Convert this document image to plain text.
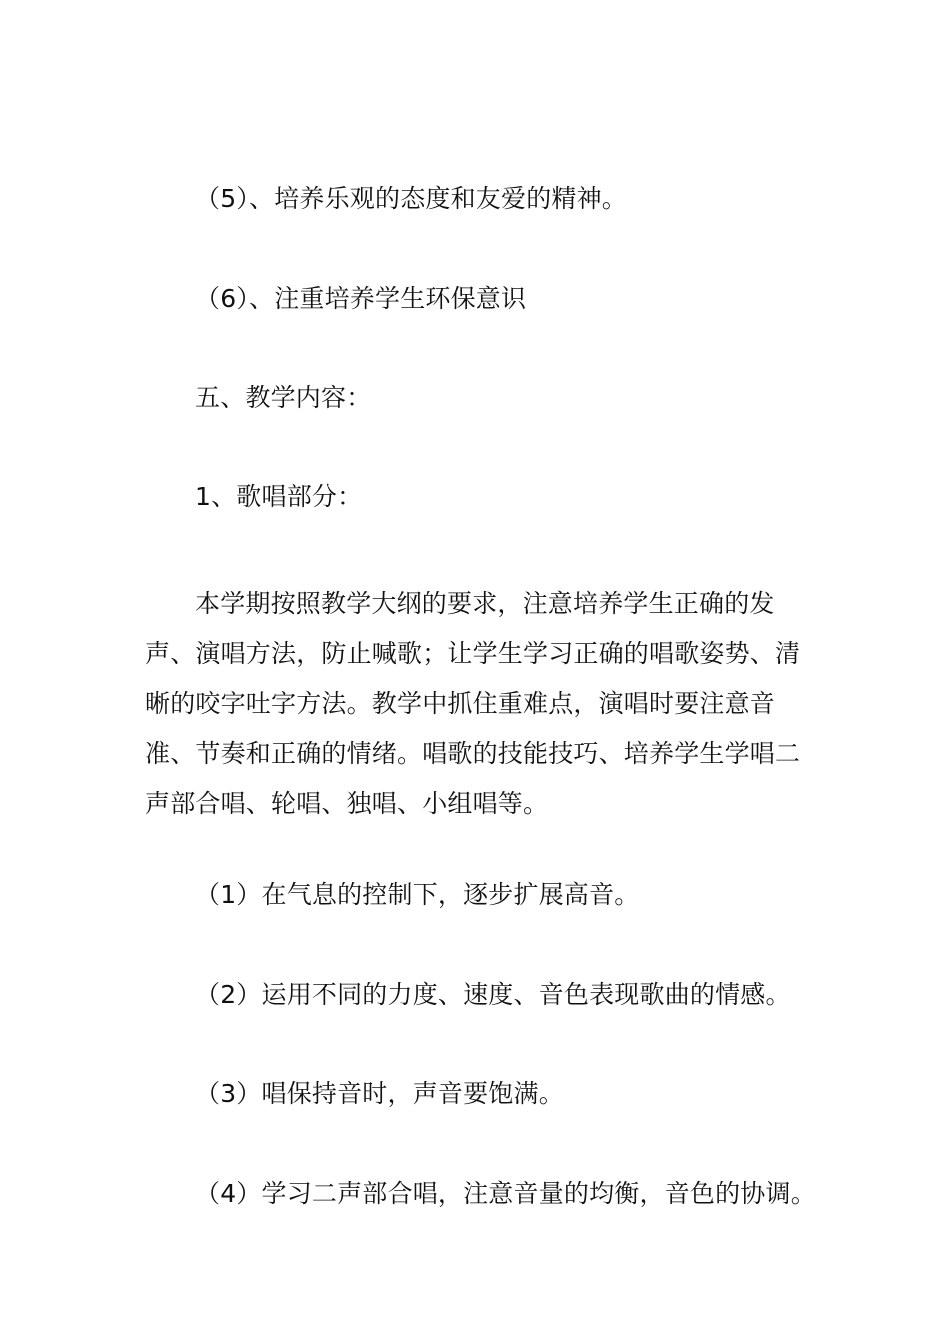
（5）、培养乐观的态度和友爱的精神。
（6）、注重培养学生环保意识
五、教学内容：
1、歌唱部分：
本学期按照教学大纲的要求，注意培养学生正确的发声、演唱方法，防止喊歌；让学生学习正确的唱歌姿势、清晰的咬字吐字方法。教学中抓住重难点，演唱时要注意音准、节奏和正确的情绪。唱歌的技能技巧、培养学生学唱二声部合唱、轮唱、独唱、小组唱等。
（1）在气息的控制下，逐步扩展高音。
（2）运用不同的力度、速度、音色表现歌曲的情感。
（3）唱保持音时，声音要饱满。
（4）学习二声部合唱，注意音量的均衡，音色的协调。
